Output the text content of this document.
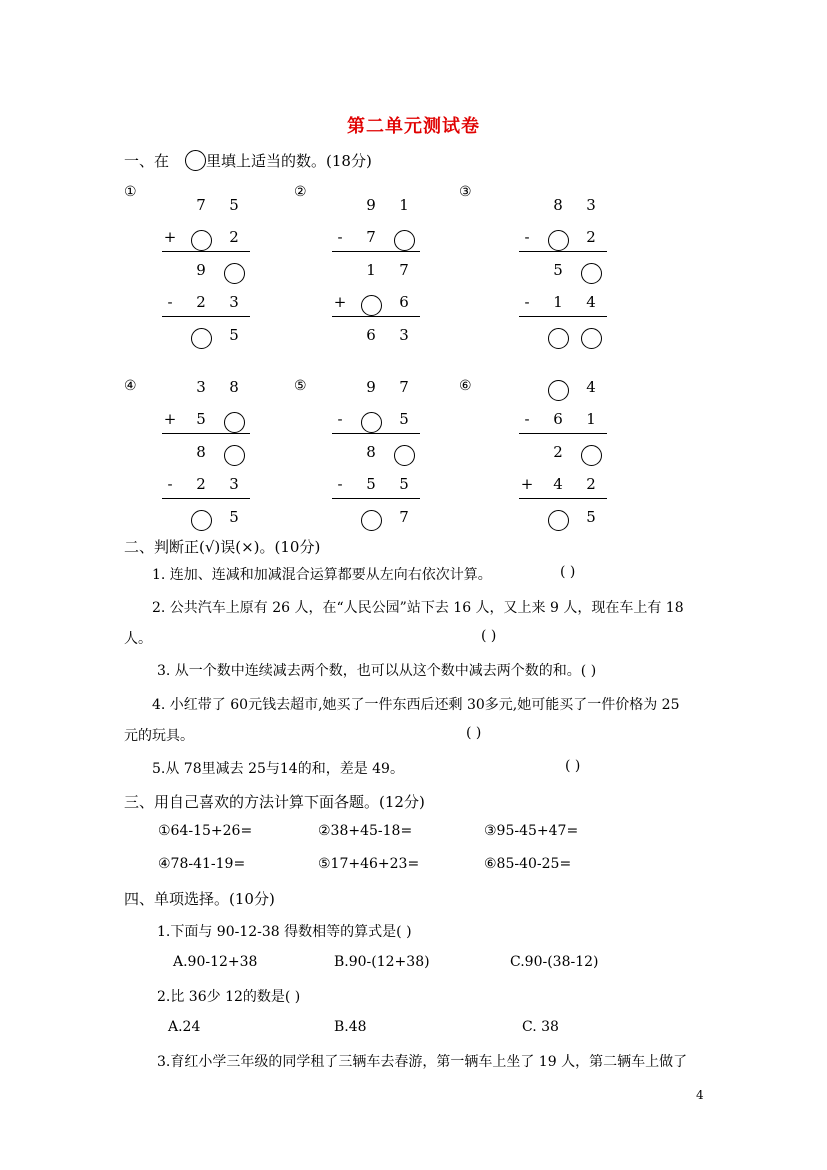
第二单元测试卷
一、在 里填上适当的数。(18分)
①	②	③
④	⑤	⑥
7 5
+	2
9
- 2 3
5
9 1
- 7
1 7
+	6
6 3
8 3
-	2
5
- 1 4
3 8
+ 5
8
- 2 3
5
9 7
-	5
8
- 5 5
7
4
- 6 1
2
+ 4 2
5
二、判断正(√)误(×)。(10分)
1. 连加、连减和加减混合运算都要从左向右依次计算。	( )
2. 公共汽车上原有 26 人，在“人民公园”站下去 16 人，又上来 9 人，现在车上有 18
人。	( )
3. 从一个数中连续减去两个数，也可以从这个数中减去两个数的和。( )
4. 小红带了 60元钱去超市,她买了一件东西后还剩 30多元,她可能买了一件价格为 25
元的玩具。	( )
5.从 78里减去 25与14的和，差是 49。	( )
三、用自己喜欢的方法计算下面各题。(12分)
①64-15+26=	②38+45-18=	③95-45+47=
④78-41-19=	⑤17+46+23=	⑥85-40-25=
四、单项选择。(10分)
1.下面与 90-12-38 得数相等的算式是( )
A.90-12+38	B.90-(12+38)	C.90-(38-12)
2.比 36少 12的数是( )
A.24	B.48	C. 38
3.育红小学三年级的同学租了三辆车去春游，第一辆车上坐了 19 人，第二辆车上做了
4
